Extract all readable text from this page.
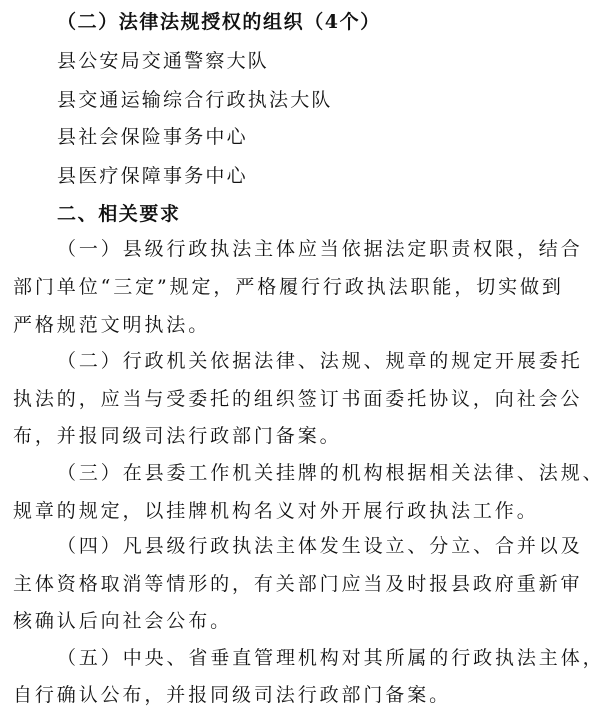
（二）法律法规授权的组织（4个）
县公安局交通警察大队
县交通运输综合行政执法大队
县社会保险事务中心
县医疗保障事务中心
二、相关要求
（一）县级行政执法主体应当依据法定职责权限，结合
部门单位“三定”规定，严格履行行政执法职能，切实做到
严格规范文明执法。
（二）行政机关依据法律、法规、规章的规定开展委托
执法的，应当与受委托的组织签订书面委托协议，向社会公
布，并报同级司法行政部门备案。
（三）在县委工作机关挂牌的机构根据相关法律、法规、
规章的规定，以挂牌机构名义对外开展行政执法工作。
（四）凡县级行政执法主体发生设立、分立、合并以及
主体资格取消等情形的，有关部门应当及时报县政府重新审
核确认后向社会公布。
（五）中央、省垂直管理机构对其所属的行政执法主体，
自行确认公布，并报同级司法行政部门备案。
